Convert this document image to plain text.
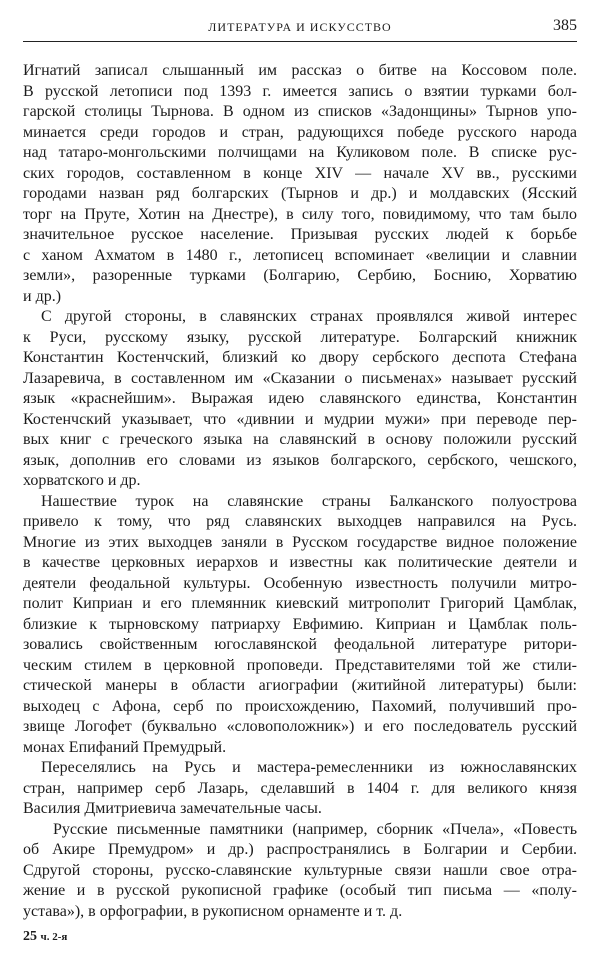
ЛИТЕРАТУРА И ИСКУССТВО	385
Игнатий записал слышанный им рассказ о битве на Коссовом поле.
В русской летописи под 1393 г. имеется запись о взятии турками бол-
гарской столицы Тырнова. В одном из списков «Задонщины» Тырнов упо-
минается среди городов и стран, радующихся победе русского народа
над татаро-монгольскими полчищами на Куликовом поле. В списке рус-
ских городов, составленном в конце XIV — начале XV вв., русскими
городами назван ряд болгарских (Тырнов и др.) и молдавских (Ясский
торг на Пруте, Хотин на Днестре), в силу того, повидимому, что там было
значительное русское население. Призывая русских людей к борьбе
с ханом Ахматом в 1480 г., летописец вспоминает «велиции и славнии
земли», разоренные турками (Болгарию, Сербию, Боснию, Хорватию
и др.)
С другой стороны, в славянских странах проявлялся живой интерес
к Руси, русскому языку, русской литературе. Болгарский книжник
Константин Костенчский, близкий ко двору сербского деспота Стефана
Лазаревича, в составленном им «Сказании о письменах» называет русский
язык «краснейшим». Выражая идею славянского единства, Константин
Костенчский указывает, что «дивнии и мудрии мужи» при переводе пер-
вых книг с греческого языка на славянский в основу положили русский
язык, дополнив его словами из языков болгарского, сербского, чешского,
хорватского и др.
Нашествие турок на славянские страны Балканского полуострова
привело к тому, что ряд славянских выходцев направился на Русь.
Многие из этих выходцев заняли в Русском государстве видное положение
в качестве церковных иерархов и известны как политические деятели и
деятели феодальной культуры. Особенную известность получили митро-
полит Киприан и его племянник киевский митрополит Григорий Цамблак,
близкие к тырновскому патриарху Евфимию. Киприан и Цамблак поль-
зовались свойственным югославянской феодальной литературе ритори-
ческим стилем в церковной проповеди. Представителями той же стили-
стической манеры в области агиографии (житийной литературы) были:
выходец с Афона, серб по происхождению, Пахомий, получивший про-
звище Логофет (буквально «словоположник») и его последователь русский
монах Епифаний Премудрый.
Переселялись на Русь и мастера-ремесленники из южнославянских
стран, например серб Лазарь, сделавший в 1404 г. для великого князя
Василия Дмитриевича замечательные часы.
Русские письменные памятники (например, сборник «Пчела», «Повесть
об Акире Премудром» и др.) распространялись в Болгарии и Сербии.
Сдругой стороны, русско-славянские культурные связи нашли свое отра-
жение и в русской рукописной графике (особый тип письма — «полу-
устава»), в орфографии, в рукописном орнаменте и т. д.
25 ч. 2-я
